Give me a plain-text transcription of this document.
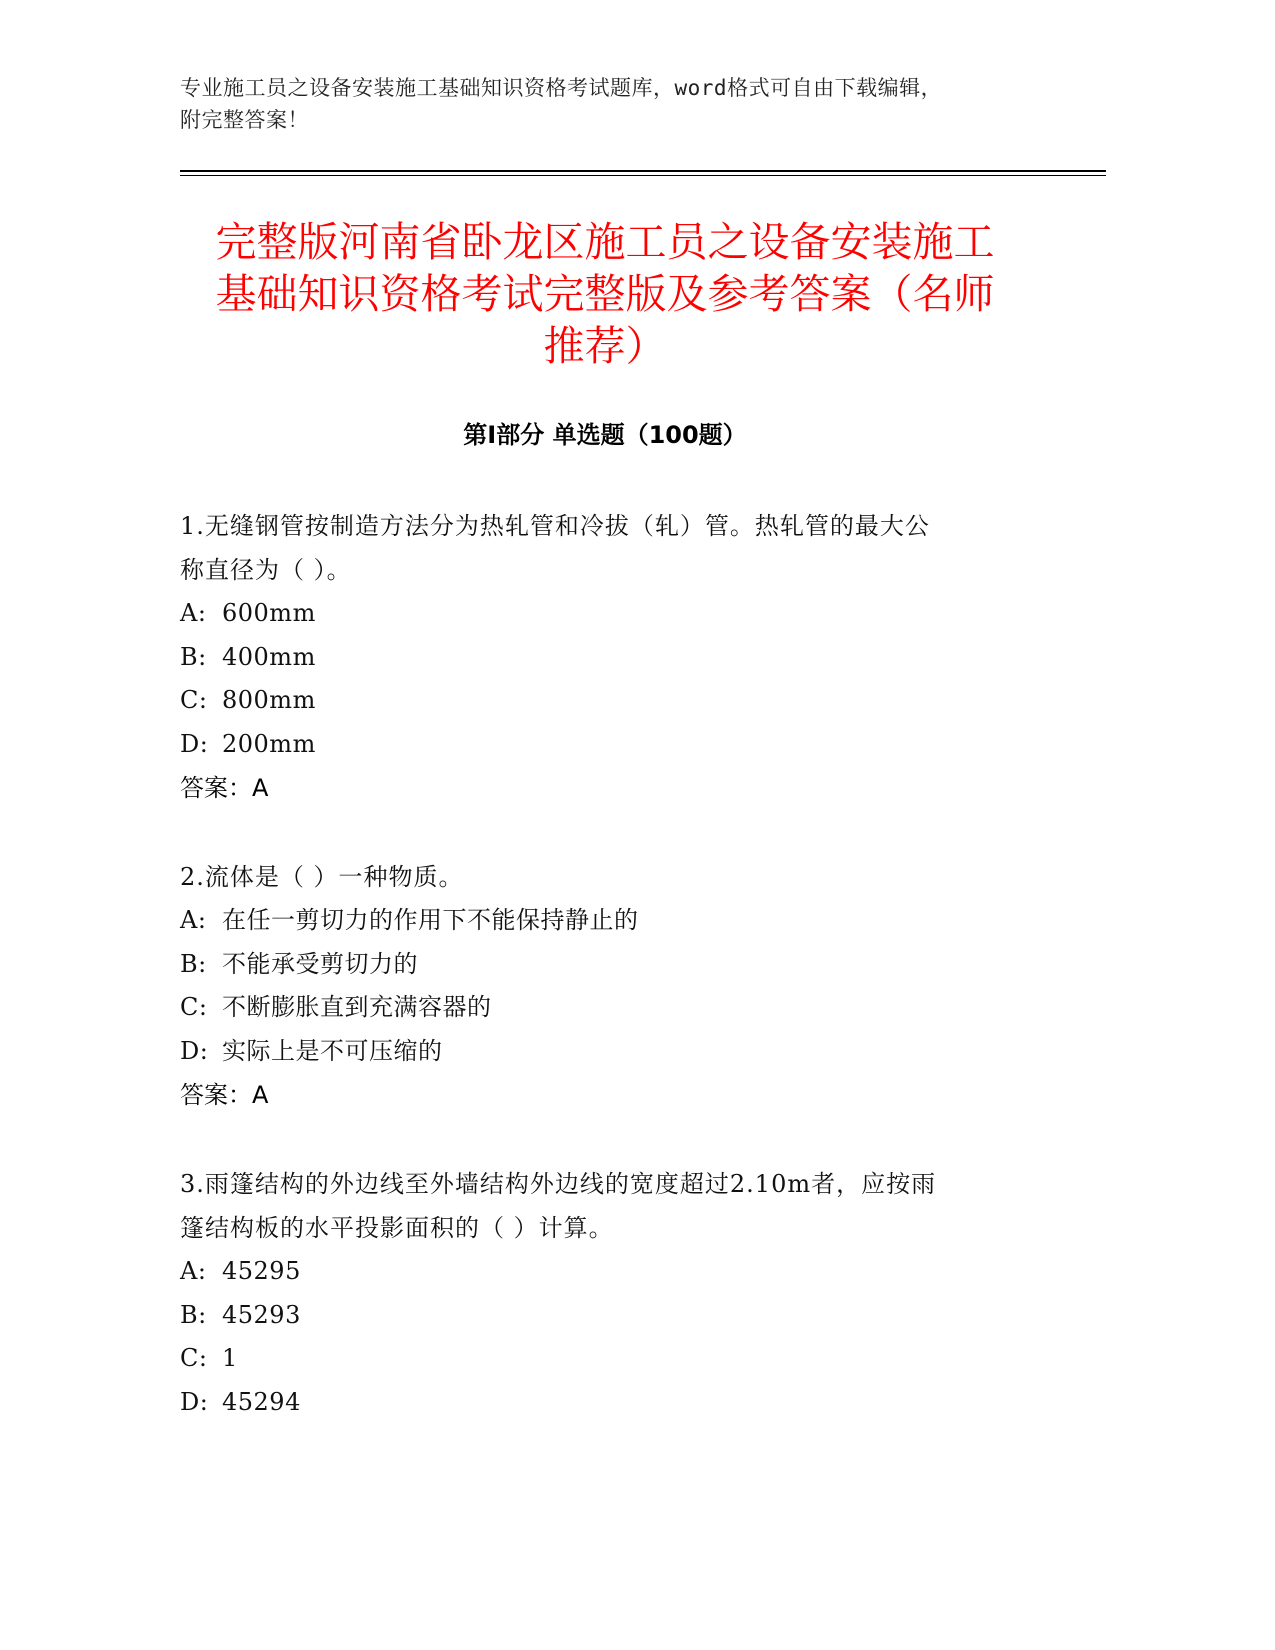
专业施工员之设备安装施工基础知识资格考试题库，word格式可自由下载编辑，
附完整答案！
完整版河南省卧龙区施工员之设备安装施工
基础知识资格考试完整版及参考答案（名师
推荐）
第I部分 单选题（100题）

1.无缝钢管按制造方法分为热轧管和冷拔（轧）管。热轧管的最大公

称直径为（ ）。

A: 600mm

B: 400mm

C: 800mm

D: 200mm

答案：A

2.流体是（ ）一种物质。

A: 在任一剪切力的作用下不能保持静止的

B: 不能承受剪切力的

C: 不断膨胀直到充满容器的

D: 实际上是不可压缩的

答案：A

3.雨篷结构的外边线至外墙结构外边线的宽度超过2.10m者，应按雨

篷结构板的水平投影面积的（ ）计算。

A: 45295

B: 45293

C: 1

D: 45294
